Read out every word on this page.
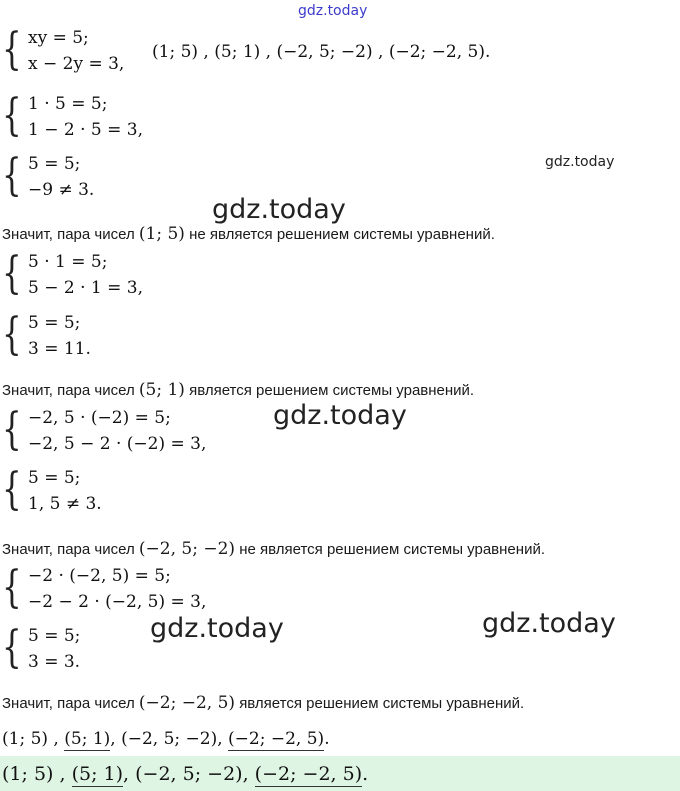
gdz.today
{ xy = 5;
x − 2y = 3,
(1; 5) , (5; 1) , (−2, 5; −2) , (−2; −2, 5).
{ 1 · 5 = 5;
1 − 2 · 5 = 3,
{ 5 = 5;
−9 ≠ 3.
gdz.today
gdz.today
Значит, пара чисел (1; 5) не является решением системы уравнений.
{ 5 · 1 = 5;
5 − 2 · 1 = 3,
{ 5 = 5;
3 = 11.
Значит, пара чисел (5; 1) является решением системы уравнений.
{ −2, 5 · (−2) = 5;
−2, 5 − 2 · (−2) = 3,
gdz.today
{ 5 = 5;
1, 5 ≠ 3.
Значит, пара чисел (−2, 5; −2) не является решением системы уравнений.
{ −2 · (−2, 5) = 5;
−2 − 2 · (−2, 5) = 3,
gdz.today	gdz.today
{ 5 = 5;
3 = 3.
Значит, пара чисел (−2; −2, 5) является решением системы уравнений.
(1; 5) , (5; 1), (−2, 5; −2), (−2; −2, 5).
(1; 5) , (5; 1), (−2, 5; −2), (−2; −2, 5).
